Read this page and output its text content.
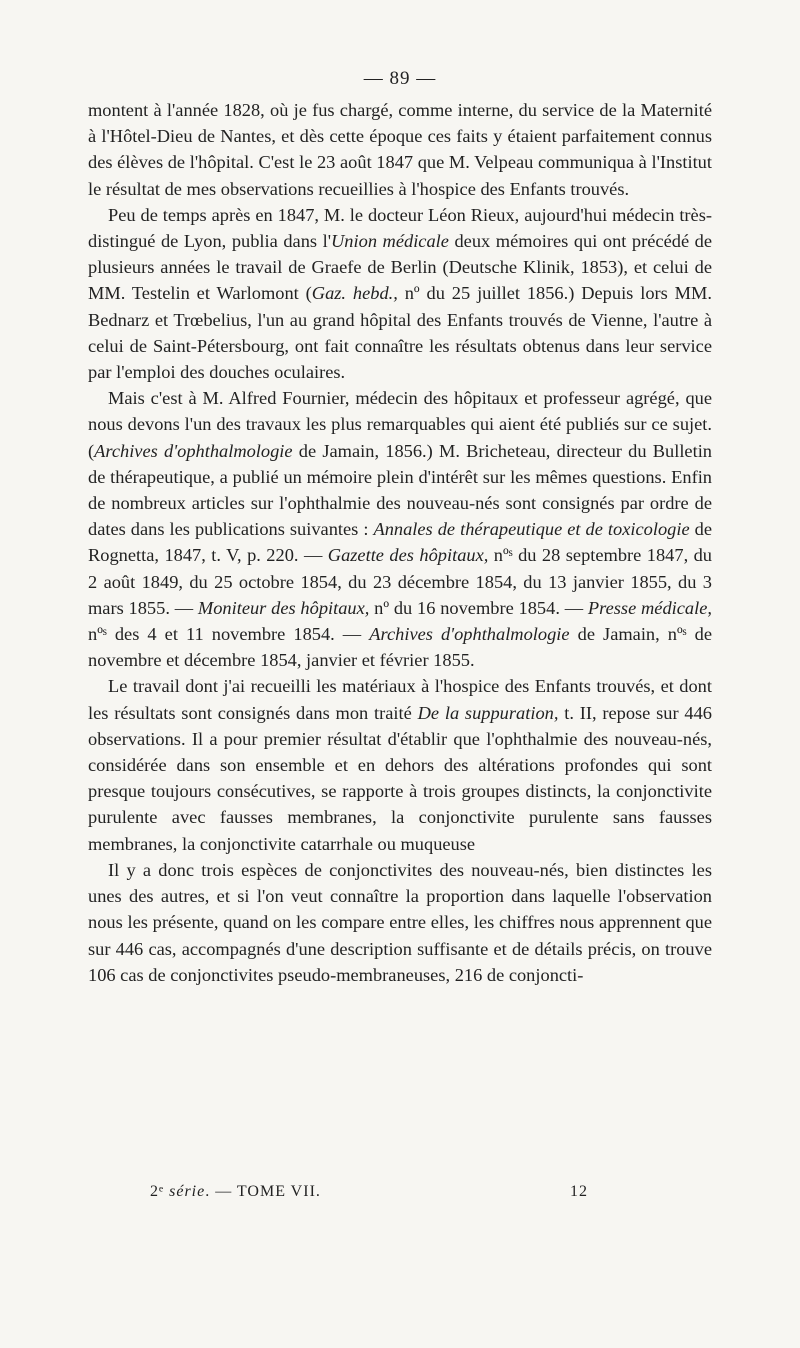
— 89 —

montent à l'année 1828, où je fus chargé, comme interne, du service de la Maternité à l'Hôtel-Dieu de Nantes, et dès cette époque ces faits y étaient parfaitement connus des élèves de l'hôpital. C'est le 23 août 1847 que M. Velpeau communiqua à l'Institut le résultat de mes observations recueillies à l'hospice des Enfants trouvés.

Peu de temps après en 1847, M. le docteur Léon Rieux, aujourd'hui médecin très-distingué de Lyon, publia dans l'Union médicale deux mémoires qui ont précédé de plusieurs années le travail de Graefe de Berlin (Deutsche Klinik, 1853), et celui de MM. Testelin et Warlomont (Gaz. hebd., nº du 25 juillet 1856.) Depuis lors MM. Bednarz et Trœbelius, l'un au grand hôpital des Enfants trouvés de Vienne, l'autre à celui de Saint-Pétersbourg, ont fait connaître les résultats obtenus dans leur service par l'emploi des douches oculaires.

Mais c'est à M. Alfred Fournier, médecin des hôpitaux et professeur agrégé, que nous devons l'un des travaux les plus remarquables qui aient été publiés sur ce sujet. (Archives d'ophthalmologie de Jamain, 1856.) M. Bricheteau, directeur du Bulletin de thérapeutique, a publié un mémoire plein d'intérêt sur les mêmes questions. Enfin de nombreux articles sur l'ophthalmie des nouveau-nés sont consignés par ordre de dates dans les publications suivantes : Annales de thérapeutique et de toxicologie de Rognetta, 1847, t. V, p. 220. — Gazette des hôpitaux, nºˢ du 28 septembre 1847, du 2 août 1849, du 25 octobre 1854, du 23 décembre 1854, du 13 janvier 1855, du 3 mars 1855. — Moniteur des hôpitaux, nº du 16 novembre 1854. — Presse médicale, nºˢ des 4 et 11 novembre 1854. — Archives d'ophthalmologie de Jamain, nºˢ de novembre et décembre 1854, janvier et février 1855.

Le travail dont j'ai recueilli les matériaux à l'hospice des Enfants trouvés, et dont les résultats sont consignés dans mon traité De la suppuration, t. II, repose sur 446 observations. Il a pour premier résultat d'établir que l'ophthalmie des nouveau-nés, considérée dans son ensemble et en dehors des altérations profondes qui sont presque toujours consécutives, se rapporte à trois groupes distincts, la conjonctivite purulente avec fausses membranes, la conjonctivite purulente sans fausses membranes, la conjonctivite catarrhale ou muqueuse

Il y a donc trois espèces de conjonctivites des nouveau-nés, bien distinctes les unes des autres, et si l'on veut connaître la proportion dans laquelle l'observation nous les présente, quand on les compare entre elles, les chiffres nous apprennent que sur 446 cas, accompagnés d'une description suffisante et de détails précis, on trouve 106 cas de conjonctivites pseudo-membraneuses, 216 de conjoncti-

2ᵉ série. — TOME VII.	12
